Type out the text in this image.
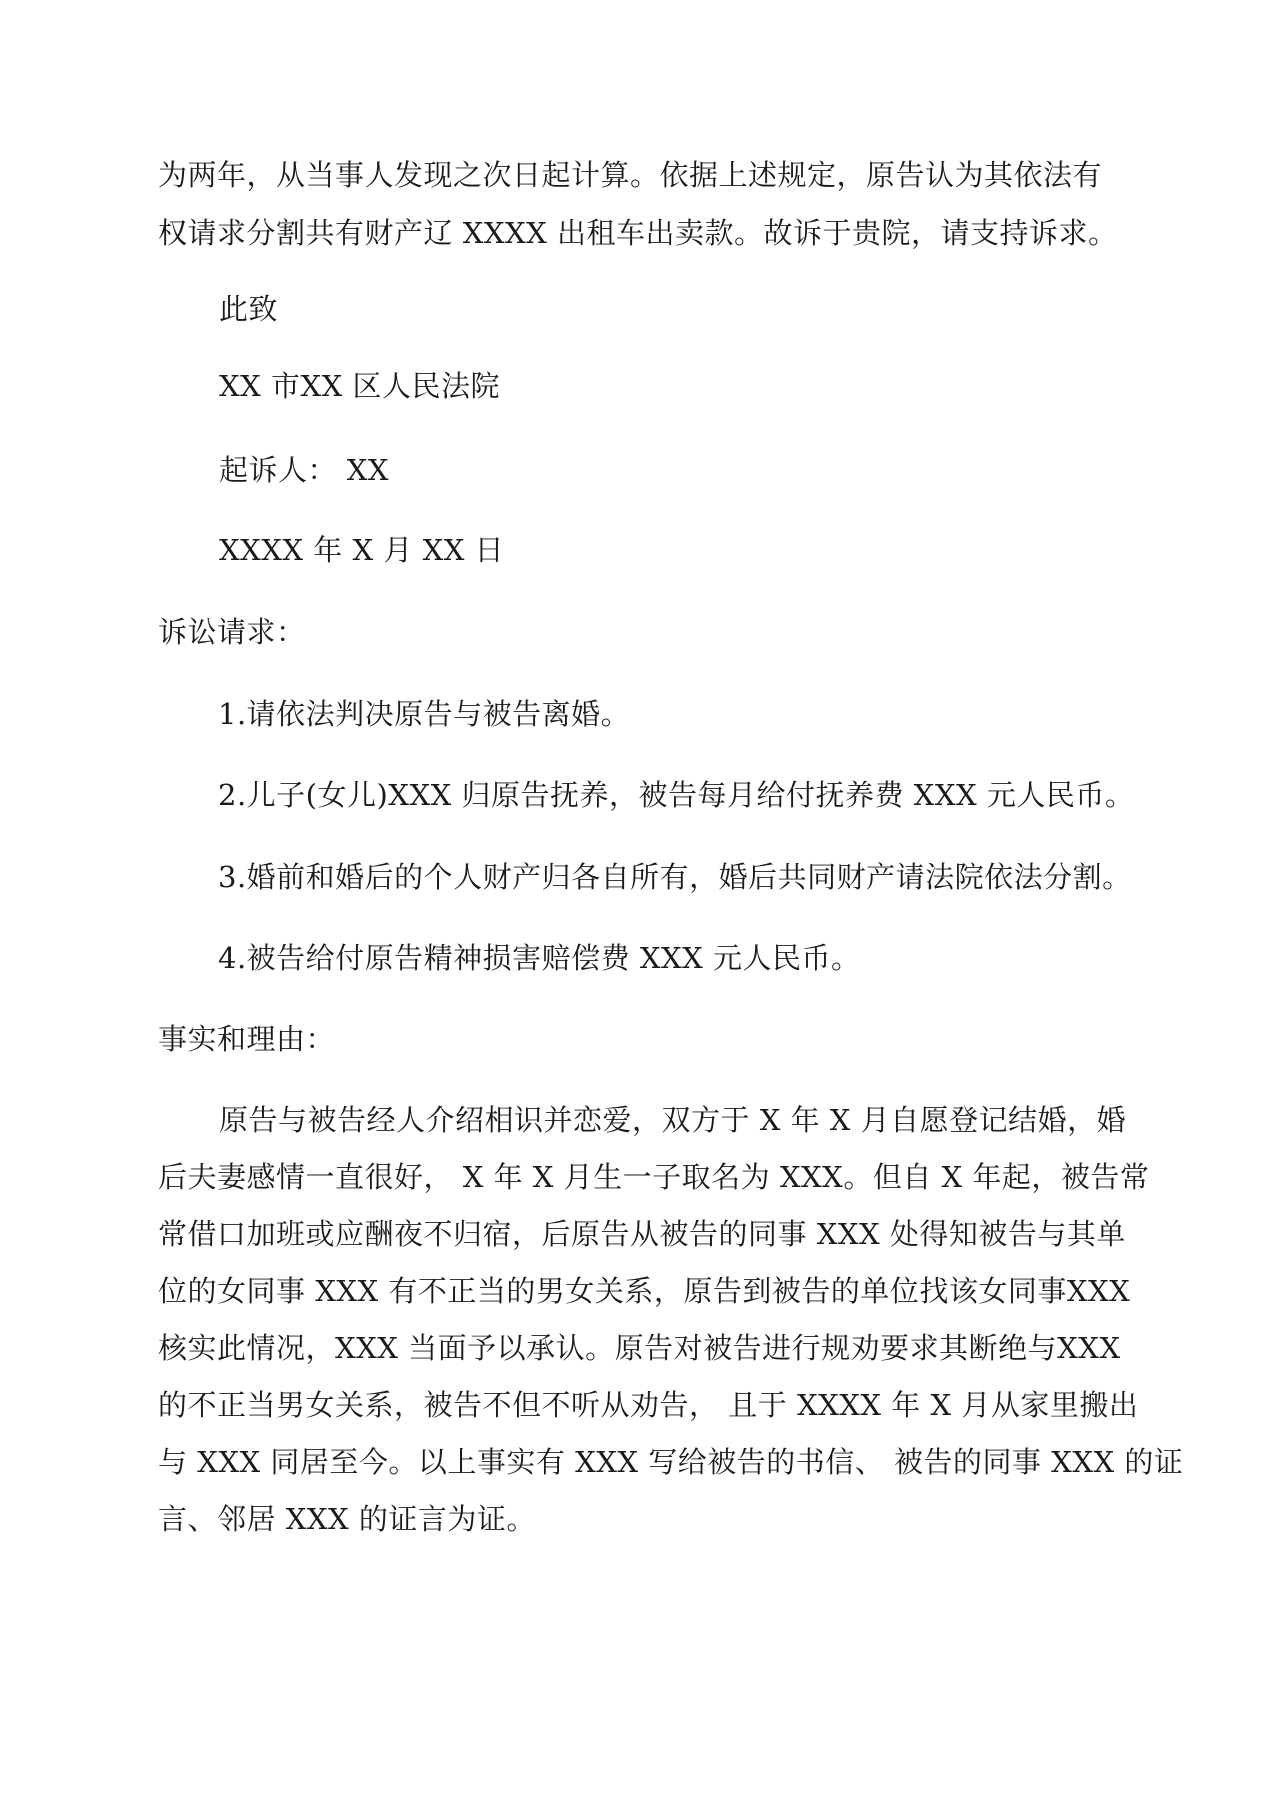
为两年，从当事人发现之次日起计算。依据上述规定，原告认为其依法有
权请求分割共有财产辽 XXXX 出租车出卖款。故诉于贵院，请支持诉求。
此致
XX 市XX 区人民法院
起诉人： XX
XXXX 年 X 月 XX 日
诉讼请求：
1.请依法判决原告与被告离婚。
2.儿子(女儿)XXX 归原告抚养，被告每月给付抚养费 XXX 元人民币。
3.婚前和婚后的个人财产归各自所有，婚后共同财产请法院依法分割。
4.被告给付原告精神损害赔偿费 XXX 元人民币。
事实和理由：
原告与被告经人介绍相识并恋爱，双方于 X 年 X 月自愿登记结婚，婚
后夫妻感情一直很好， X 年 X 月生一子取名为 XXX。但自 X 年起，被告常
常借口加班或应酬夜不归宿，后原告从被告的同事 XXX 处得知被告与其单
位的女同事 XXX 有不正当的男女关系，原告到被告的单位找该女同事XXX
核实此情况，XXX 当面予以承认。原告对被告进行规劝要求其断绝与XXX
的不正当男女关系，被告不但不听从劝告， 且于 XXXX 年 X 月从家里搬出
与 XXX 同居至今。以上事实有 XXX 写给被告的书信、 被告的同事 XXX 的证
言、邻居 XXX 的证言为证。
